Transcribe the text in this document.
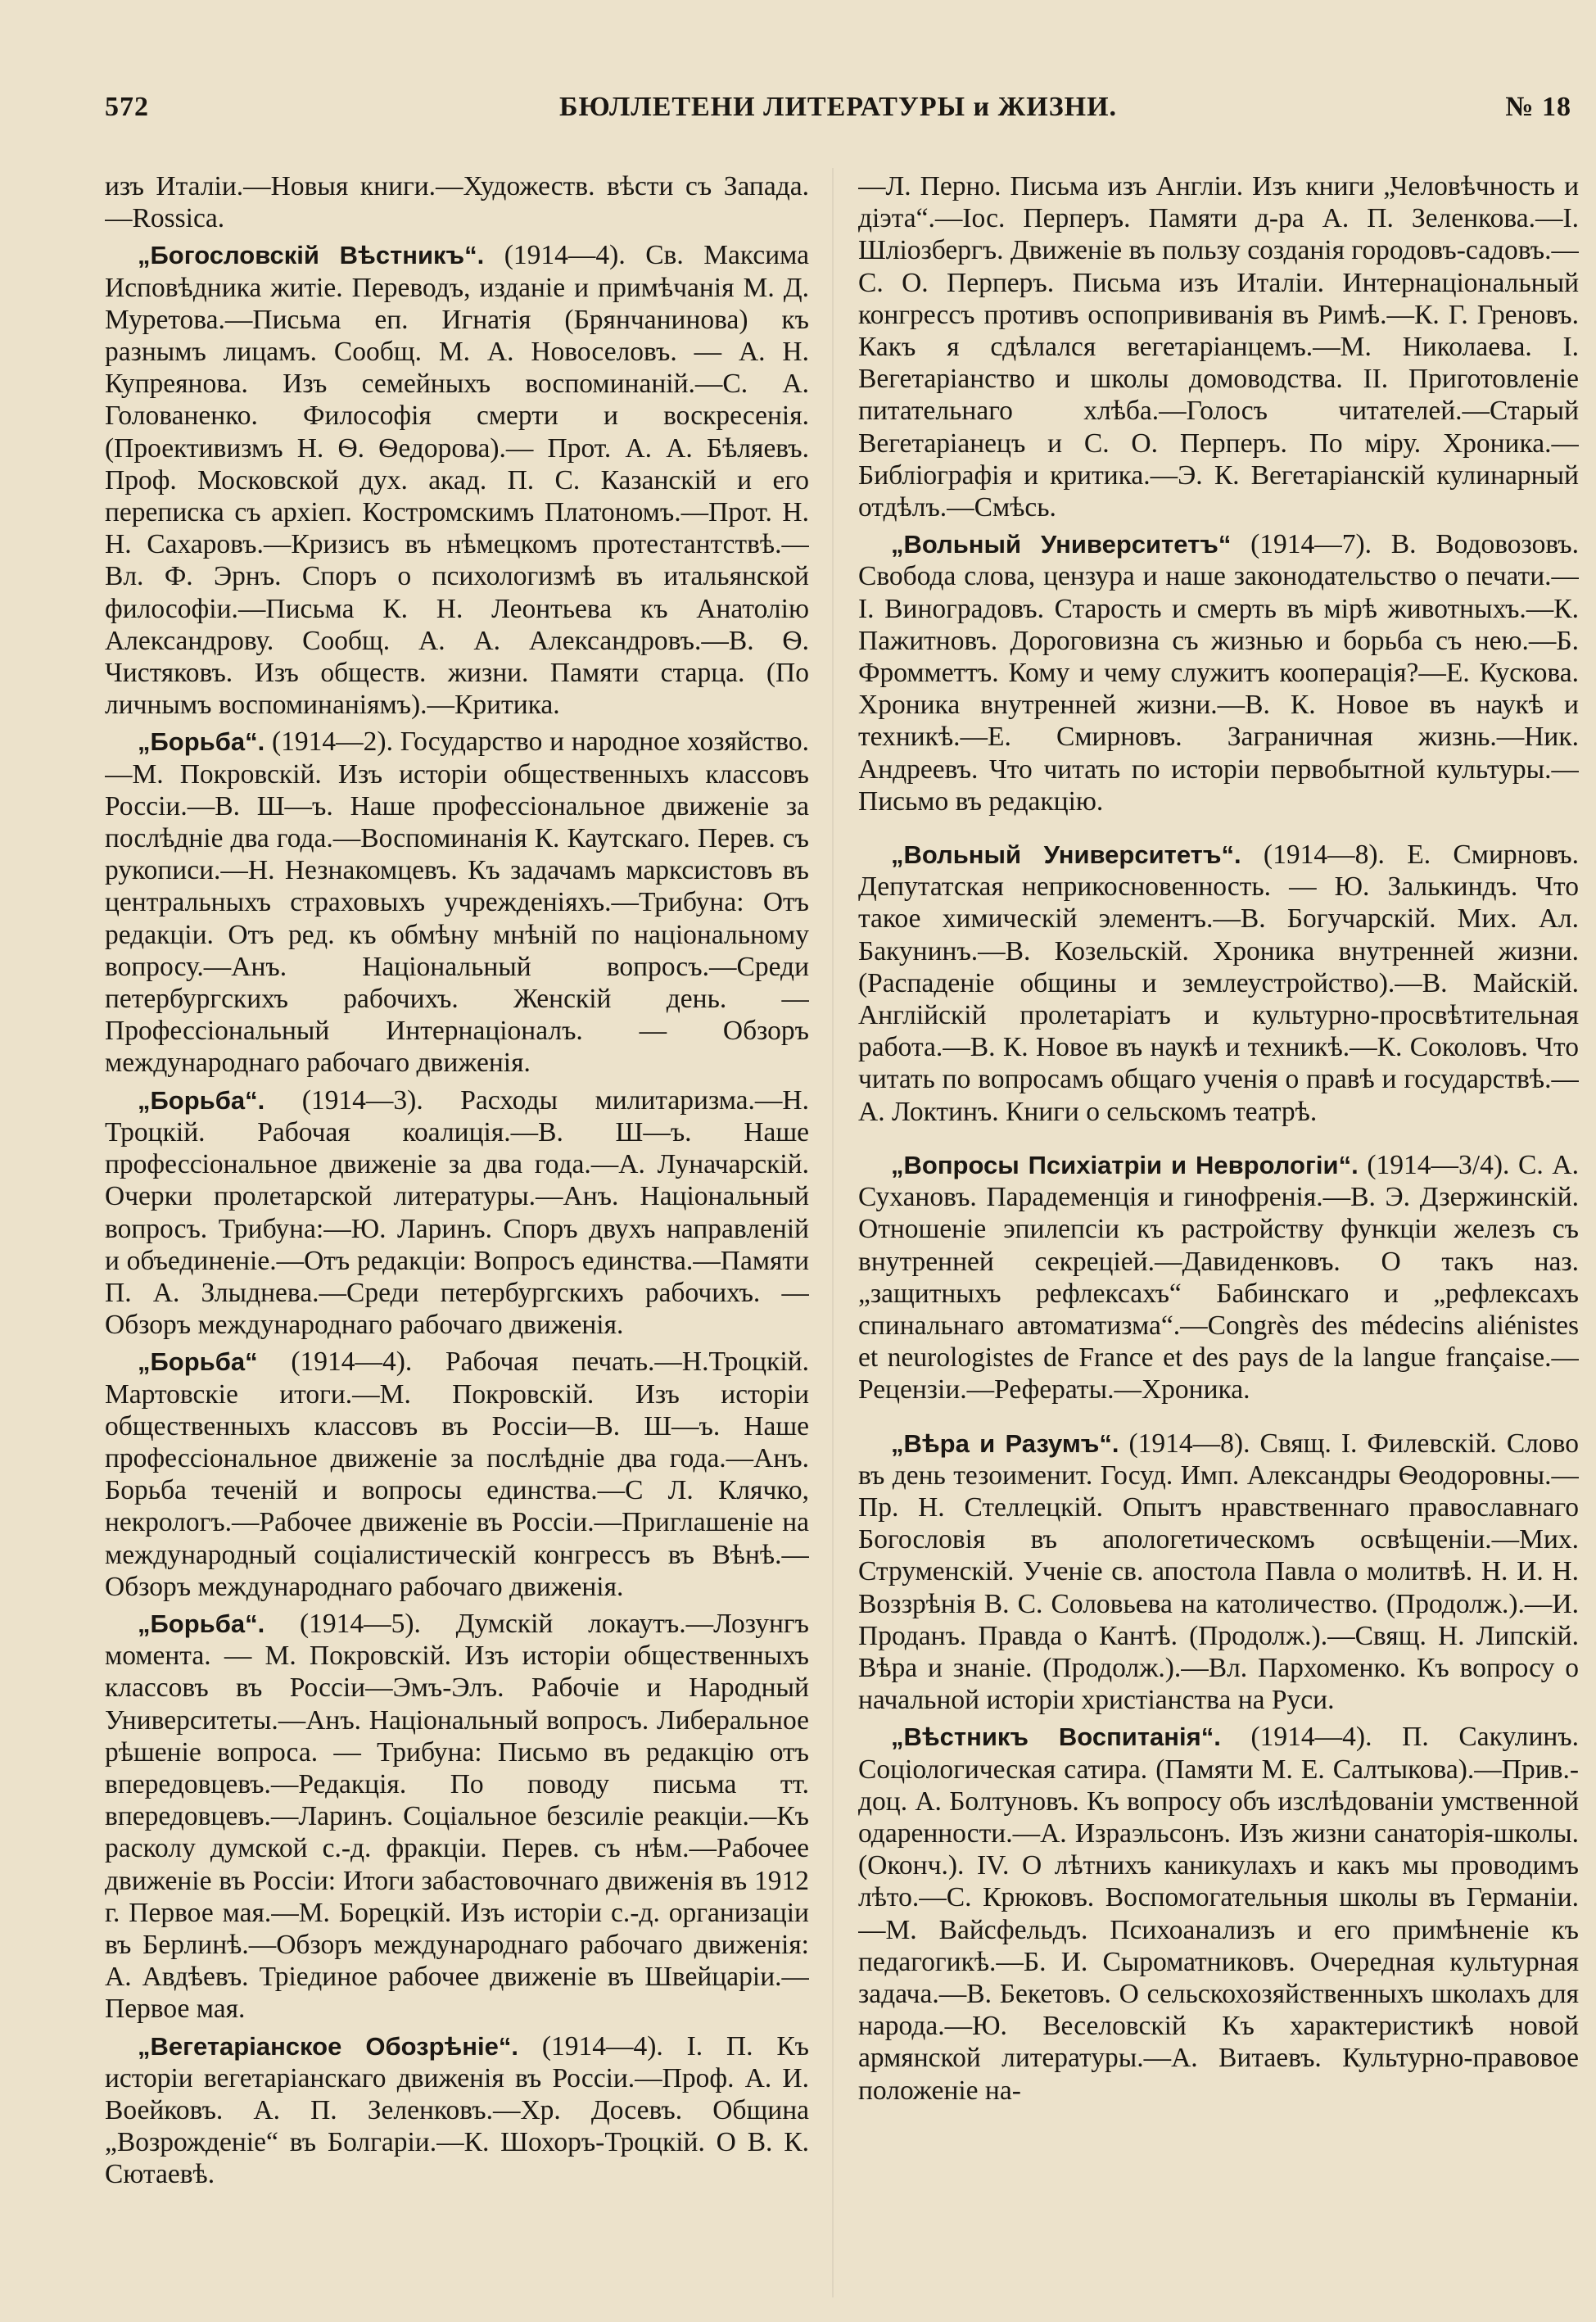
572	БЮЛЛЕТЕНИ ЛИТЕРАТУРЫ и ЖИЗНИ.	№ 18

изъ Италіи.—Новыя книги.—Художеств. вѣсти съ Запада.—Rossica.

„Богословскій Вѣстникъ“. (1914—4). Св. Максима Исповѣдника житіе. Переводъ, изданіе и примѣчанія М. Д. Муретова.—Письма еп. Игнатія (Брянчанинова) къ разнымъ лицамъ. Сообщ. М. А. Новоселовъ. — А. Н. Купреянова. Изъ семейныхъ воспоминаній.—С. А. Голованенко. Философія смерти и воскресенія. (Проективизмъ Н. Ѳ. Ѳедорова).— Прот. А. А. Бѣляевъ. Проф. Московской дух. акад. П. С. Казанскій и его переписка съ архіеп. Костромскимъ Платономъ.—Прот. Н. Н. Сахаровъ.—Кризисъ въ нѣмецкомъ протестантствѣ.—Вл. Ф. Эрнъ. Споръ о психологизмѣ въ итальянской философіи.—Письма К. Н. Леонтьева къ Анатолію Александрову. Сообщ. А. А. Александровъ.—В. Ѳ. Чистяковъ. Изъ обществ. жизни. Памяти старца. (По личнымъ воспоминаніямъ).—Критика.

„Борьба“. (1914—2). Государство и народное хозяйство.—М. Покровскій. Изъ исторіи общественныхъ классовъ Россіи.—В. Ш—ъ. Наше профессіональное движеніе за послѣдніе два года.—Воспоминанія К. Каутскаго. Перев. съ рукописи.—Н. Незнакомцевъ. Къ задачамъ марксистовъ въ центральныхъ страховыхъ учрежденіяхъ.—Трибуна: Отъ редакціи. Отъ ред. къ обмѣну мнѣній по національному вопросу.—Анъ. Національный вопросъ.—Среди петербургскихъ рабочихъ. Женскій день. — Профессіональный Интернаціоналъ. — Обзоръ международнаго рабочаго движенія.

„Борьба“. (1914—3). Расходы милитаризма.—Н. Троцкій. Рабочая коалиція.—В. Ш—ъ. Наше профессіональное движеніе за два года.—А. Луначарскій. Очерки пролетарской литературы.—Анъ. Національный вопросъ. Трибуна:—Ю. Ларинъ. Споръ двухъ направленій и объединеніе.—Отъ редакціи: Вопросъ единства.—Памяти П. А. Злыднева.—Среди петербургскихъ рабочихъ. — Обзоръ международнаго рабочаго движенія.

„Борьба“ (1914—4). Рабочая печать.—Н.Троцкій. Мартовскіе итоги.—М. Покровскій. Изъ исторіи общественныхъ классовъ въ Россіи—В. Ш—ъ. Наше профессіональное движеніе за послѣдніе два года.—Анъ. Борьба теченій и вопросы единства.—С Л. Клячко, некрологъ.—Рабочее движеніе въ Россіи.—Приглашеніе на международный соціалистическій конгрессъ въ Вѣнѣ.—Обзоръ международнаго рабочаго движенія.

„Борьба“. (1914—5). Думскій локаутъ.—Лозунгъ момента. — М. Покровскій. Изъ исторіи общественныхъ классовъ въ Россіи—Эмъ-Элъ. Рабочіе и Народный Университеты.—Анъ. Національный вопросъ. Либеральное рѣшеніе вопроса. — Трибуна: Письмо въ редакцію отъ впередовцевъ.—Редакція. По поводу письма тт. впередовцевъ.—Ларинъ. Соціальное безсиліе реакціи.—Къ расколу думской с.-д. фракціи. Перев. съ нѣм.—Рабочее движеніе въ Россіи: Итоги забастовочнаго движенія въ 1912 г. Первое мая.—М. Борецкій. Изъ исторіи с.-д. организаціи въ Берлинѣ.—Обзоръ международнаго рабочаго движенія: А. Авдѣевъ. Тріединое рабочее движеніе въ Швейцаріи.—Первое мая.

„Вегетаріанское Обозрѣніе“. (1914—4). I. П. Къ исторіи вегетаріанскаго движенія въ Россіи.—Проф. А. И. Воейковъ. А. П. Зеленковъ.—Хр. Досевъ. Община „Возрожденіе“ въ Болгаріи.—К. Шохоръ-Троцкій. О В. К. Сютаевѣ.

—Л. Перно. Письма изъ Англіи. Изъ книги „Человѣчность и діэта“.—Іос. Перперъ. Памяти д-ра А. П. Зеленкова.—І. Шлiозбергъ. Движеніе въ пользу созданія городовъ-садовъ.—С. О. Перперъ. Письма изъ Италіи. Интернаціональный конгрессъ противъ оспопрививанія въ Римѣ.—К. Г. Греновъ. Какъ я сдѣлался вегетаріанцемъ.—М. Николаева. І. Вегетаріанство и школы домоводства. II. Приготовленіе питательнаго хлѣба.—Голосъ читателей.—Старый Вегетаріанецъ и С. О. Перперъ. По міру. Хроника.—Библіографія и критика.—Э. К. Вегетаріанскій кулинарный отдѣлъ.—Смѣсь.

„Вольный Университетъ“ (1914—7). В. Водовозовъ. Свобода слова, цензура и наше законодательство о печати.—І. Виноградовъ. Старость и смерть въ мірѣ животныхъ.—К. Пажитновъ. Дороговизна съ жизнью и борьба съ нею.—Б. Фромметтъ. Кому и чему служитъ кооперація?—Е. Кускова. Хроника внутренней жизни.—В. К. Новое въ наукѣ и техникѣ.—Е. Смирновъ. Заграничная жизнь.—Ник. Андреевъ. Что читать по исторіи первобытной культуры.—Письмо въ редакцію.

„Вольный Университетъ“. (1914—8). Е. Смирновъ. Депутатская неприкосновенность. — Ю. Залькиндъ. Что такое химическій элементъ.—В. Богучарскій. Мих. Ал. Бакунинъ.—В. Козельскій. Хроника внутренней жизни. (Распаденіе общины и землеустройство).—В. Майскій. Англійскій пролетаріатъ и культурно-просвѣтительная работа.—В. К. Новое въ наукѣ и техникѣ.—К. Соколовъ. Что читать по вопросамъ общаго ученія о правѣ и государствѣ.—А. Локтинъ. Книги о сельскомъ театрѣ.

„Вопросы Психіатріи и Неврологіи“. (1914—3/4). С. А. Сухановъ. Парадеменція и гинофренія.—В. Э. Дзержинскій. Отношеніе эпилепсіи къ растройству функціи железъ съ внутренней секреціей.—Давиденковъ. О такъ наз. „защитныхъ рефлексахъ“ Бабинскаго и „рефлексахъ спинальнаго автоматизма“.—Congrès des médecins aliénistes et neurologistes de France et des pays de la langue française.—Рецензіи.—Рефераты.—Хроника.

„Вѣра и Разумъ“. (1914—8). Свящ. І. Филевскій. Слово въ день тезоименит. Госуд. Имп. Александры Ѳеодоровны.—Пр. Н. Стеллецкій. Опытъ нравственнаго православнаго Богословія въ апологетическомъ освѣщеніи.—Мих. Струменскій. Ученіе св. апостола Павла о молитвѣ. Н. И. Н. Воззрѣнія В. С. Соловьева на католичество. (Продолж.).—И. Проданъ. Правда о Кантѣ. (Продолж.).—Свящ. Н. Липскій. Вѣра и знаніе. (Продолж.).—Вл. Пархоменко. Къ вопросу о начальной исторіи христіанства на Руси.

„Вѣстникъ Воспитанія“. (1914—4). П. Сакулинъ. Соціологическая сатира. (Памяти М. Е. Салтыкова).—Прив.-доц. А. Болтуновъ. Къ вопросу объ изслѣдованіи умственной одаренности.—А. Израэльсонъ. Изъ жизни санаторія-школы. (Оконч.). IV. О лѣтнихъ каникулахъ и какъ мы проводимъ лѣто.—С. Крюковъ. Воспомогательныя школы въ Германіи.—М. Вайсфельдъ. Психоанализъ и его примѣненіе къ педагогикѣ.—Б. И. Сыроматниковъ. Очередная культурная задача.—В. Бекетовъ. О сельскохозяйственныхъ школахъ для народа.—Ю. Веселовскій Къ характеристикѣ новой армянской литературы.—А. Витаевъ. Культурно-правовое положеніе на-
